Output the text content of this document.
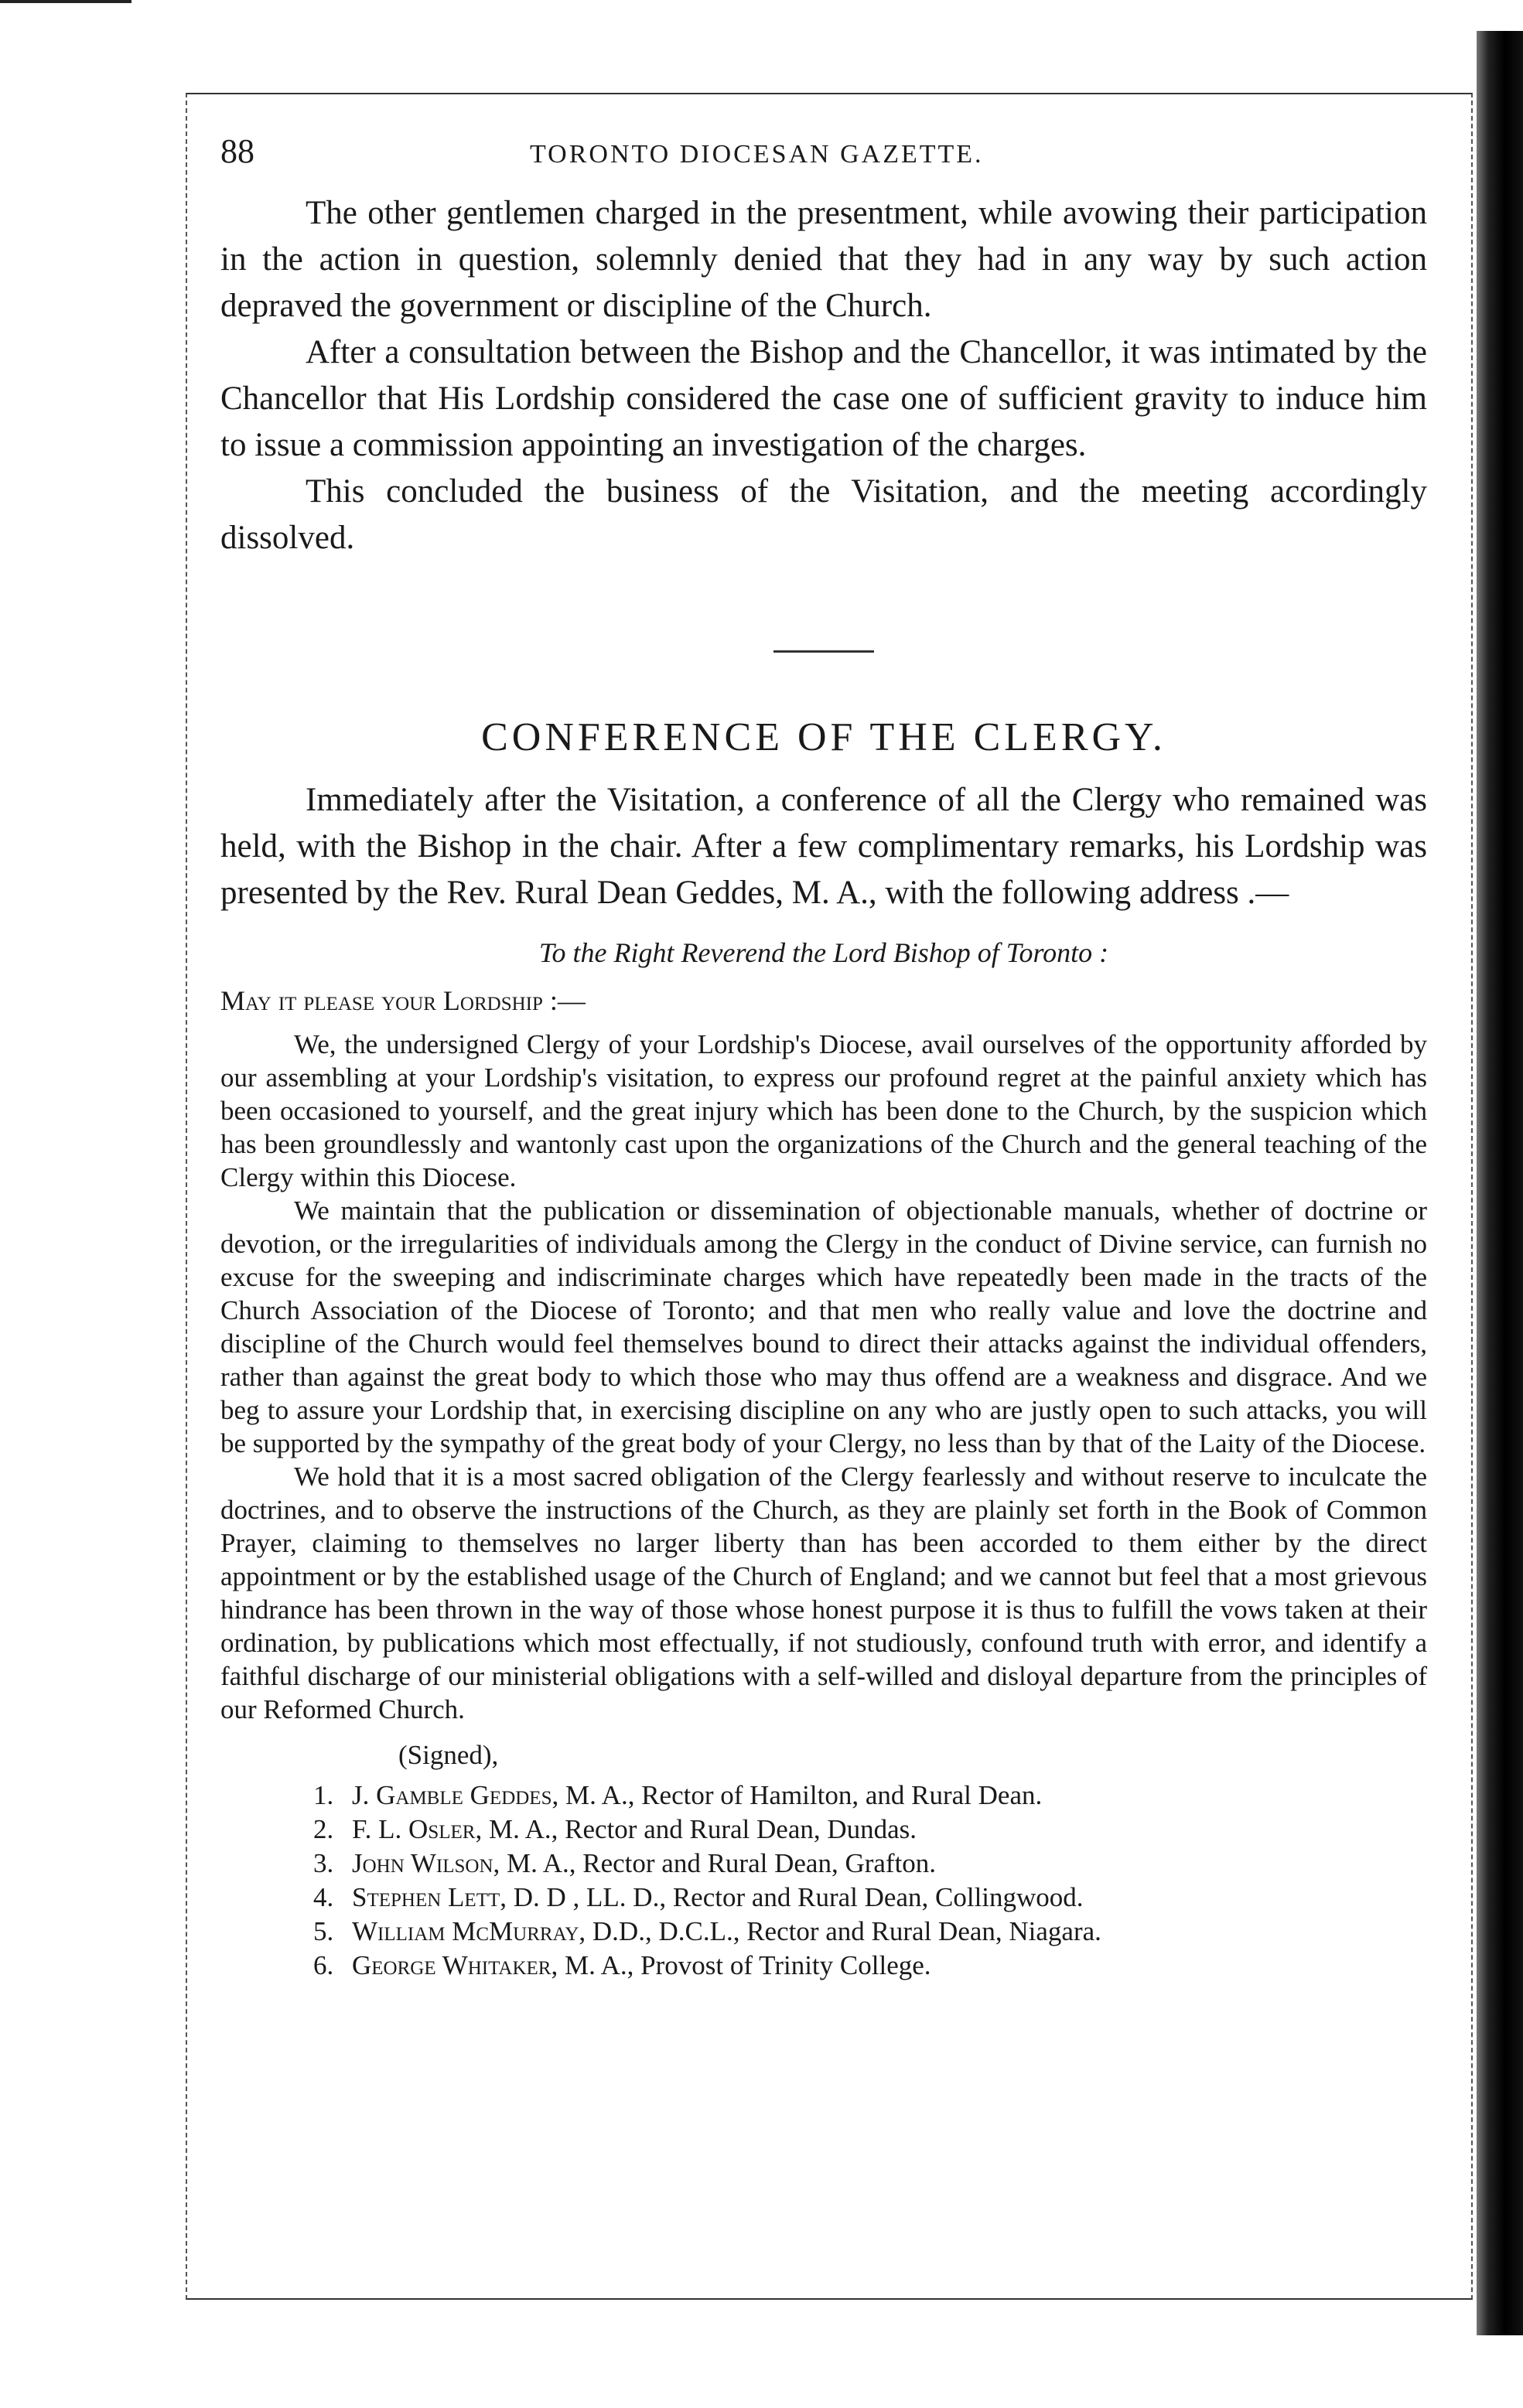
88	TORONTO DIOCESAN GAZETTE.

The other gentlemen charged in the presentment, while avowing their participation in the action in question, solemnly denied that they had in any way by such action depraved the government or discipline of the Church.

After a consultation between the Bishop and the Chancellor, it was intimated by the Chancellor that His Lordship considered the case one of sufficient gravity to induce him to issue a commission appointing an investigation of the charges.

This concluded the business of the Visitation, and the meeting accordingly dissolved.

CONFERENCE OF THE CLERGY.

Immediately after the Visitation, a conference of all the Clergy who remained was held, with the Bishop in the chair. After a few complimentary remarks, his Lordship was presented by the Rev. Rural Dean Geddes, M. A., with the following address .—

To the Right Reverend the Lord Bishop of Toronto :
May it please your Lordship :—

We, the undersigned Clergy of your Lordship's Diocese, avail ourselves of the opportunity afforded by our assembling at your Lordship's visitation, to express our profound regret at the painful anxiety which has been occasioned to yourself, and the great injury which has been done to the Church, by the suspicion which has been groundlessly and wantonly cast upon the organizations of the Church and the general teaching of the Clergy within this Diocese.

We maintain that the publication or dissemination of objectionable manuals, whether of doctrine or devotion, or the irregularities of individuals among the Clergy in the conduct of Divine service, can furnish no excuse for the sweeping and indiscriminate charges which have repeatedly been made in the tracts of the Church Association of the Diocese of Toronto; and that men who really value and love the doctrine and discipline of the Church would feel themselves bound to direct their attacks against the individual offenders, rather than against the great body to which those who may thus offend are a weakness and disgrace. And we beg to assure your Lordship that, in exercising discipline on any who are justly open to such attacks, you will be supported by the sympathy of the great body of your Clergy, no less than by that of the Laity of the Diocese.

We hold that it is a most sacred obligation of the Clergy fearlessly and without reserve to inculcate the doctrines, and to observe the instructions of the Church, as they are plainly set forth in the Book of Common Prayer, claiming to themselves no larger liberty than has been accorded to them either by the direct appointment or by the established usage of the Church of England; and we cannot but feel that a most grievous hindrance has been thrown in the way of those whose honest purpose it is thus to fulfill the vows taken at their ordination, by publications which most effectually, if not studiously, confound truth with error, and identify a faithful discharge of our ministerial obligations with a self-willed and disloyal departure from the principles of our Reformed Church.

(Signed),
1. J. Gamble Geddes, M. A., Rector of Hamilton, and Rural Dean.
2. F. L. Osler, M. A., Rector and Rural Dean, Dundas.
3. John Wilson, M. A., Rector and Rural Dean, Grafton.
4. Stephen Lett, D. D , LL. D., Rector and Rural Dean, Collingwood.
5. William McMurray, D.D., D.C.L., Rector and Rural Dean, Niagara.
6. George Whitaker, M. A., Provost of Trinity College.
